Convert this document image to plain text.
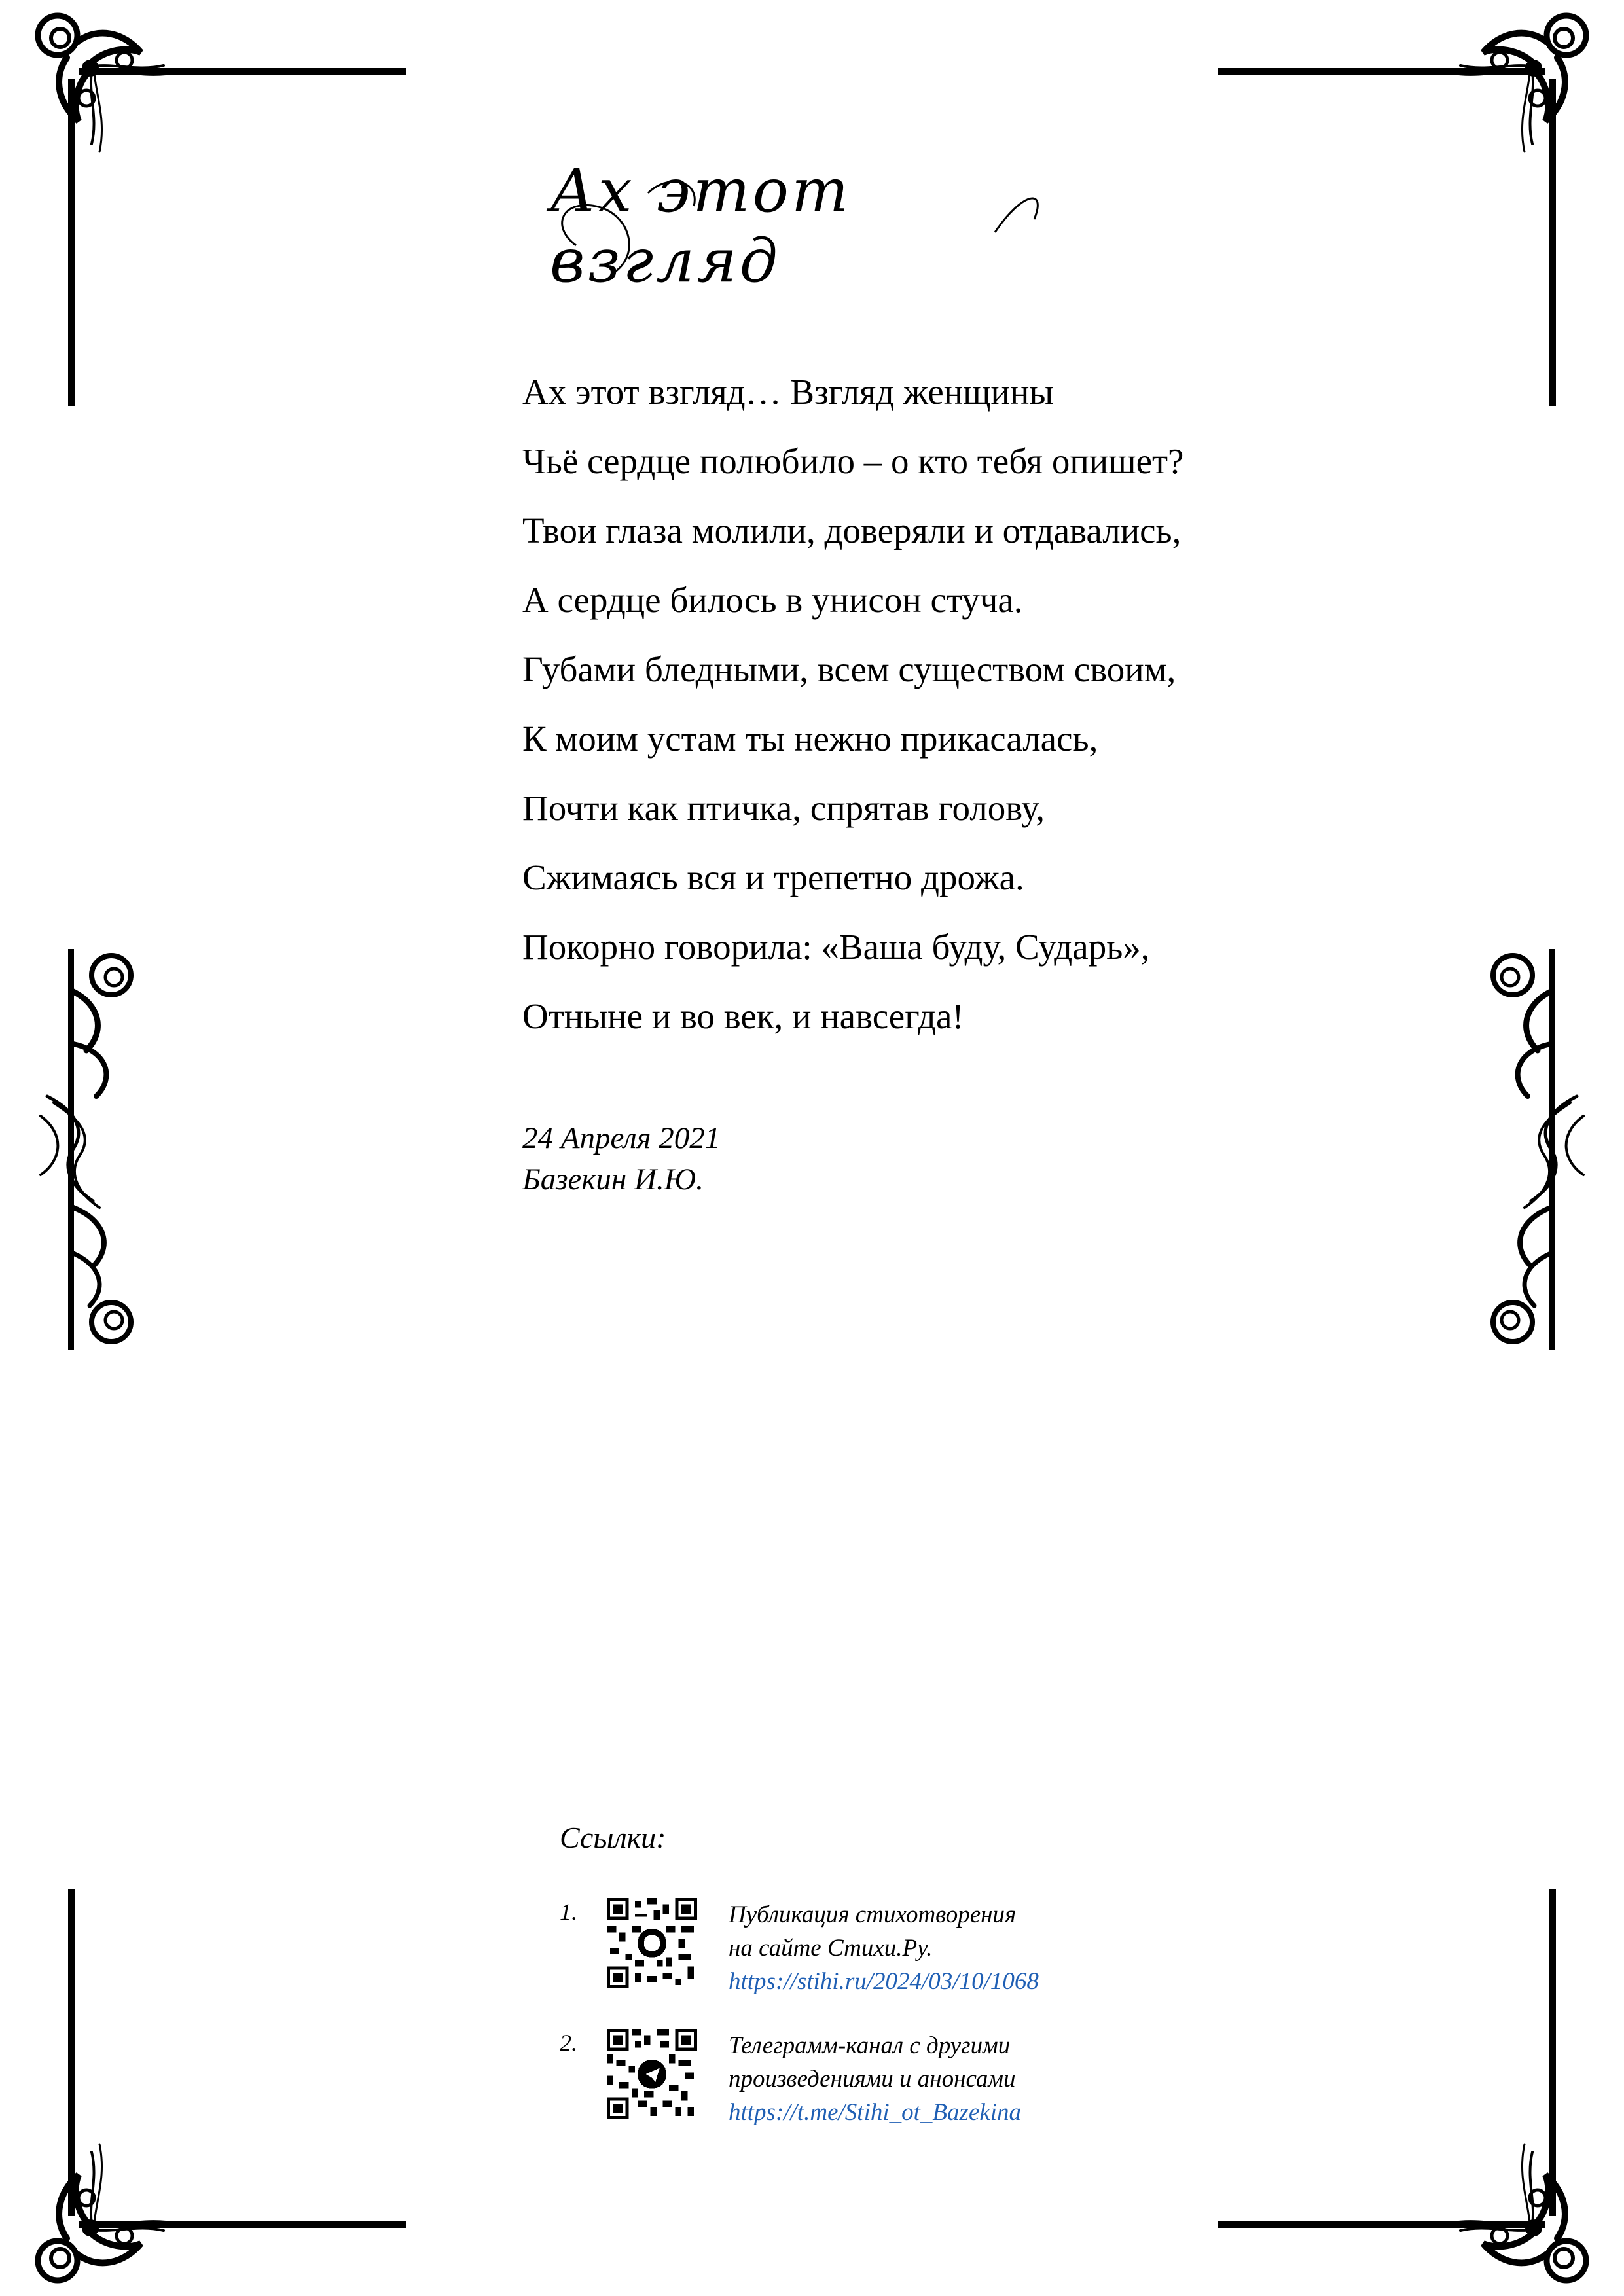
Ах этот взгляд
Ах этот взгляд… Взгляд женщины
Чьё сердце полюбило – о кто тебя опишет?
Твои глаза молили, доверяли и отдавались,
А сердце билось в унисон стуча.
Губами бледными, всем существом своим,
К моим устам ты нежно прикасалась,
Почти как птичка, спрятав голову,
Сжимаясь вся и трепетно дрожа.
Покорно говорила: «Ваша буду, Сударь»,
Отныне и во век, и навсегда!
24 Апреля 2021
Базекин И.Ю.
Ссылки:
1.	Публикация стихотворения
на сайте Стихи.Ру.
https://stihi.ru/2024/03/10/1068
2.	Телеграмм-канал с другими
произведениями и анонсами
https://t.me/Stihi_ot_Bazekina
